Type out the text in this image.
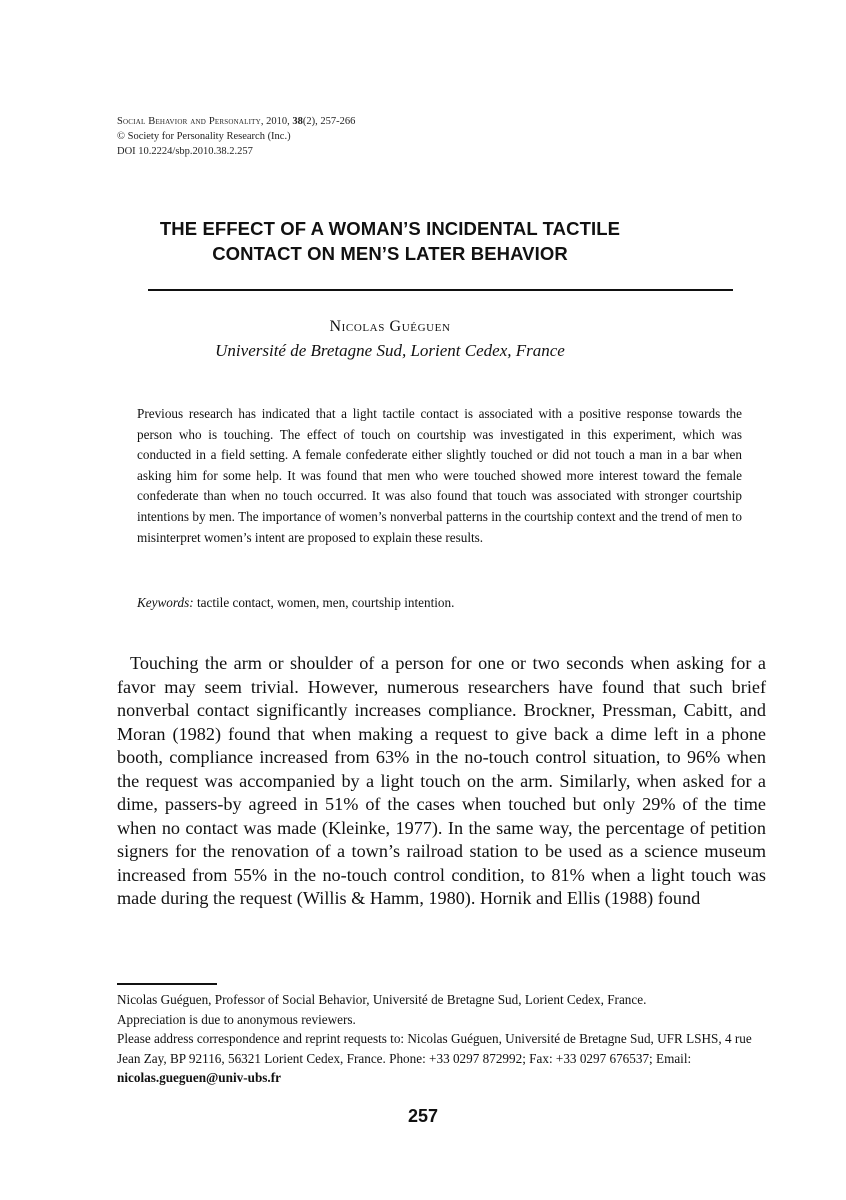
Social Behavior and Personality, 2010, 38(2), 257-266
© Society for Personality Research (Inc.)
DOI 10.2224/sbp.2010.38.2.257
THE EFFECT OF A WOMAN’S INCIDENTAL TACTILE
CONTACT ON MEN’S LATER BEHAVIOR
Nicolas Guéguen
Université de Bretagne Sud, Lorient Cedex, France

Previous research has indicated that a light tactile contact is associated with a positive response towards the person who is touching. The effect of touch on courtship was investigated in this experiment, which was conducted in a field setting. A female confederate either slightly touched or did not touch a man in a bar when asking him for some help. It was found that men who were touched showed more interest toward the female confederate than when no touch occurred. It was also found that touch was associated with stronger courtship intentions by men. The importance of women’s nonverbal patterns in the courtship context and the trend of men to misinterpret women’s intent are proposed to explain these results.

Keywords: tactile contact, women, men, courtship intention.

Touching the arm or shoulder of a person for one or two seconds when asking for a favor may seem trivial. However, numerous researchers have found that such brief nonverbal contact significantly increases compliance. Brockner, Pressman, Cabitt, and Moran (1982) found that when making a request to give back a dime left in a phone booth, compliance increased from 63% in the no-touch control situation, to 96% when the request was accompanied by a light touch on the arm. Similarly, when asked for a dime, passers-by agreed in 51% of the cases when touched but only 29% of the time when no contact was made (Kleinke, 1977). In the same way, the percentage of petition signers for the renovation of a town’s railroad station to be used as a science museum increased from 55% in the no-touch control condition, to 81% when a light touch was made during the request (Willis & Hamm, 1980). Hornik and Ellis (1988) found

Nicolas Guéguen, Professor of Social Behavior, Université de Bretagne Sud, Lorient Cedex, France.

Appreciation is due to anonymous reviewers.

Please address correspondence and reprint requests to: Nicolas Guéguen, Université de Bretagne Sud, UFR LSHS, 4 rue Jean Zay, BP 92116, 56321 Lorient Cedex, France. Phone: +33 0297 872992; Fax: +33 0297 676537; Email: nicolas.gueguen@univ-ubs.fr

257
